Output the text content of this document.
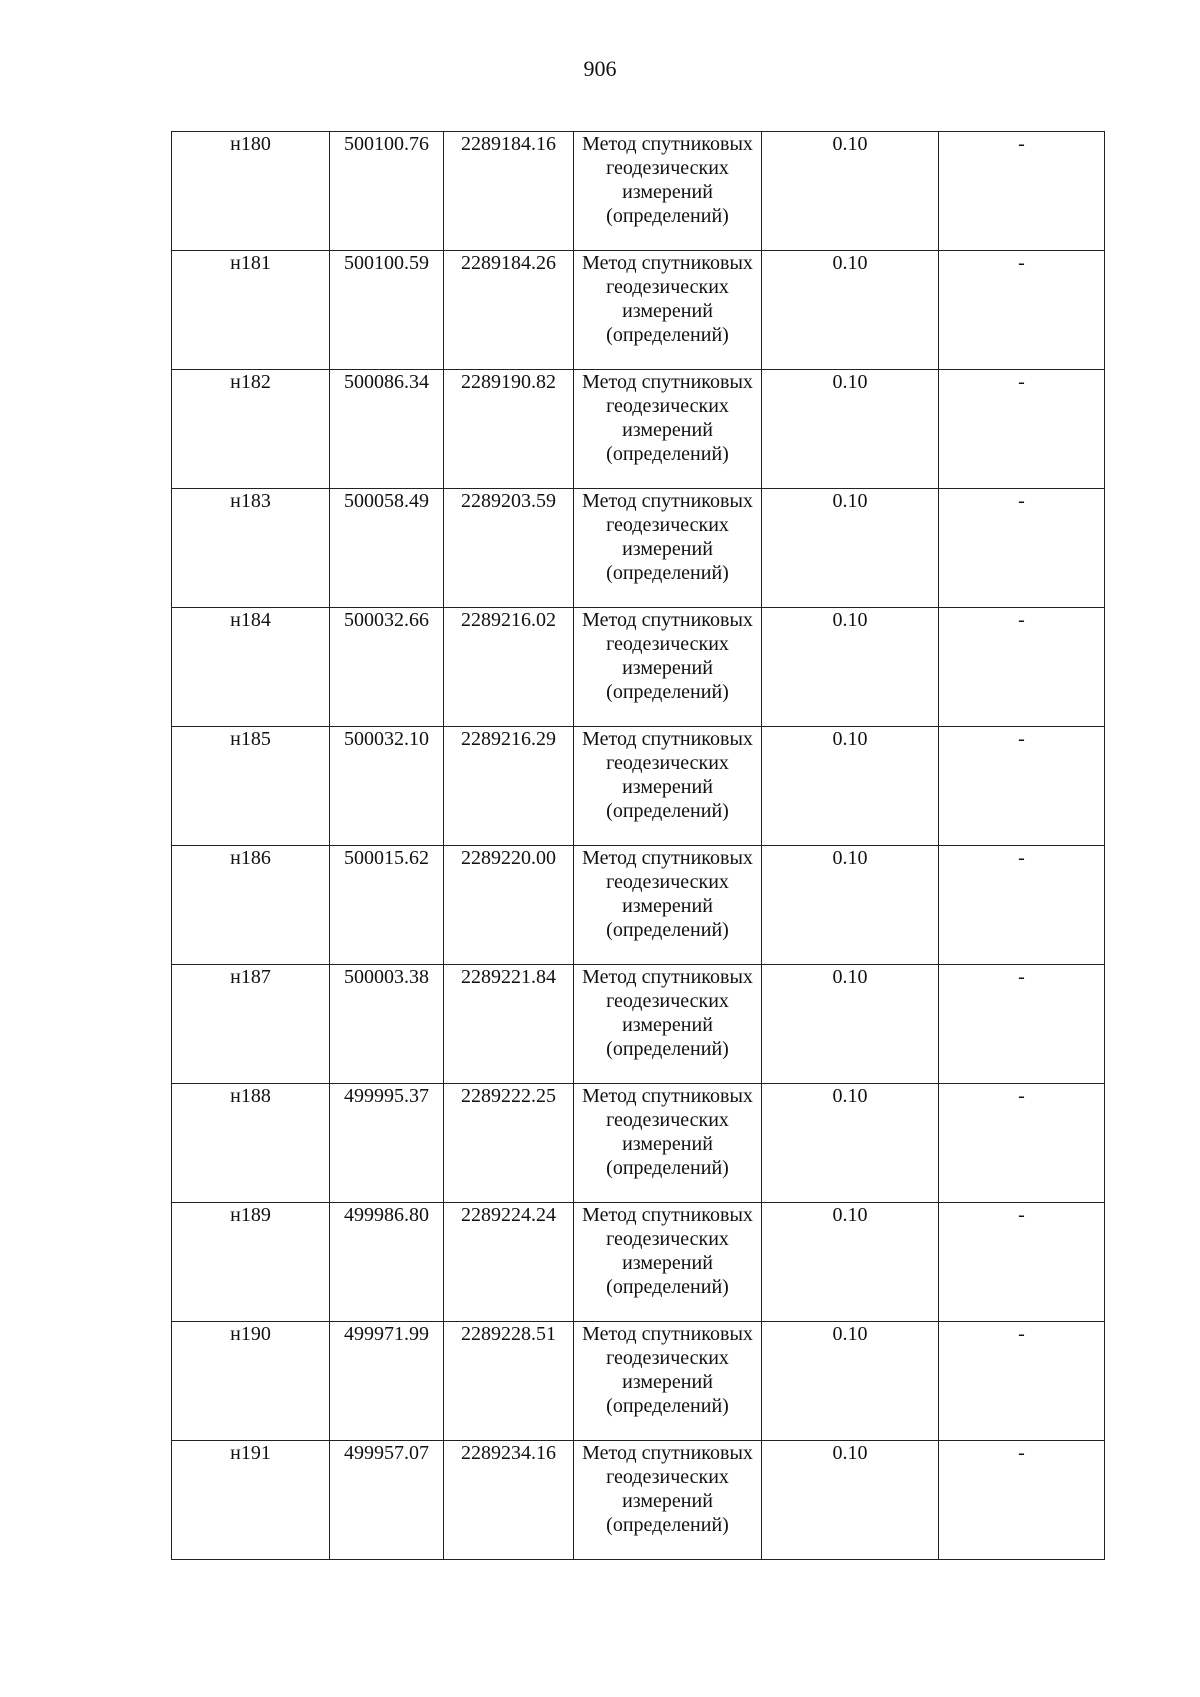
906
н180	500100.76	2289184.16	Метод спутниковых геодезических измерений (определений)	0.10	-
н181	500100.59	2289184.26	Метод спутниковых геодезических измерений (определений)	0.10	-
н182	500086.34	2289190.82	Метод спутниковых геодезических измерений (определений)	0.10	-
н183	500058.49	2289203.59	Метод спутниковых геодезических измерений (определений)	0.10	-
н184	500032.66	2289216.02	Метод спутниковых геодезических измерений (определений)	0.10	-
н185	500032.10	2289216.29	Метод спутниковых геодезических измерений (определений)	0.10	-
н186	500015.62	2289220.00	Метод спутниковых геодезических измерений (определений)	0.10	-
н187	500003.38	2289221.84	Метод спутниковых геодезических измерений (определений)	0.10	-
н188	499995.37	2289222.25	Метод спутниковых геодезических измерений (определений)	0.10	-
н189	499986.80	2289224.24	Метод спутниковых геодезических измерений (определений)	0.10	-
н190	499971.99	2289228.51	Метод спутниковых геодезических измерений (определений)	0.10	-
н191	499957.07	2289234.16	Метод спутниковых геодезических измерений (определений)	0.10	-
